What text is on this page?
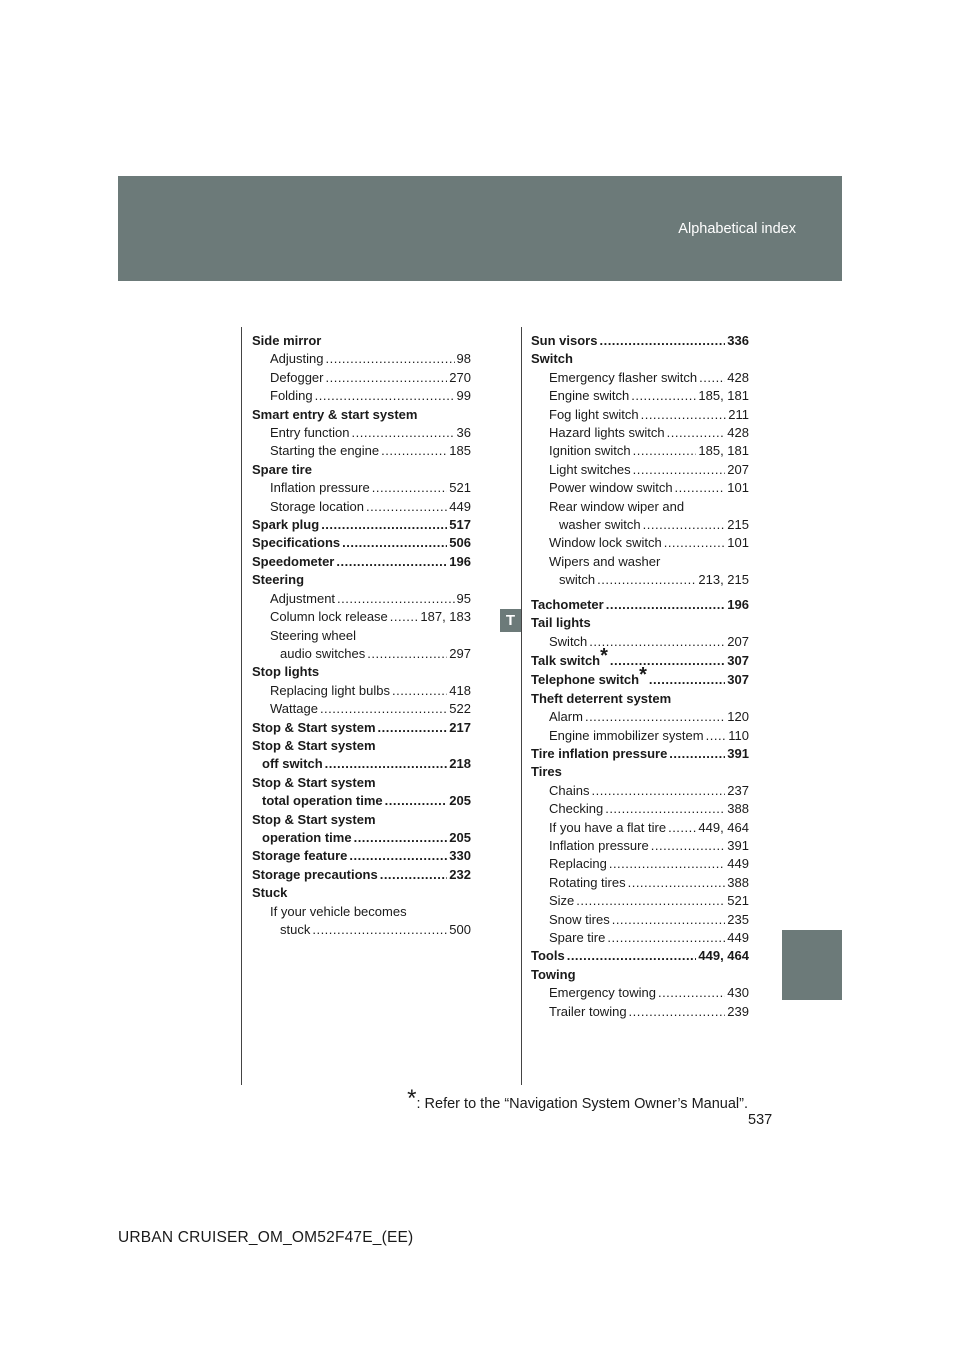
Alphabetical index
T
Side mirror
Adjusting .....	98
Defogger .....	270
Folding .....	99
Smart entry & start system
Entry function .....	36
Starting the engine .....	185
Spare tire
Inflation pressure .....	521
Storage location .....	449
Spark plug .....	517
Specifications .....	506
Speedometer .....	196
Steering
Adjustment .....	95
Column lock release .....	187, 183
Steering wheel
audio switches .....	297
Stop lights
Replacing light bulbs .....	418
Wattage .....	522
Stop & Start system .....	217
Stop & Start system
off switch .....	218
Stop & Start system
total operation time .....	205
Stop & Start system
operation time .....	205
Storage feature .....	330
Storage precautions .....	232
Stuck
If your vehicle becomes
stuck .....	500
Sun visors .....	336
Switch
Emergency flasher switch ..... 428
Engine switch .....	185, 181
Fog light switch .....	211
Hazard lights switch .....	428
Ignition switch .....	185, 181
Light switches .....	207
Power window switch .....	101
Rear window wiper and
washer switch .....	215
Window lock switch .....	101
Wipers and washer
switch .....	213, 215
Tachometer .....	196
Tail lights
Switch .....	207
Talk switch* .....	307
Telephone switch* .....	307
Theft deterrent system
Alarm .....	120
Engine immobilizer system ..... 110
Tire inflation pressure .....	391
Tires
Chains .....	237
Checking .....	388
If you have a flat tire ..... 449, 464
Inflation pressure .....	391
Replacing .....	449
Rotating tires .....	388
Size .....	521
Snow tires .....	235
Spare tire .....	449
Tools .....	449, 464
Towing
Emergency towing .....	430
Trailer towing .....	239
*: Refer to the “Navigation System Owner’s Manual”.
537
URBAN CRUISER_OM_OM52F47E_(EE)
